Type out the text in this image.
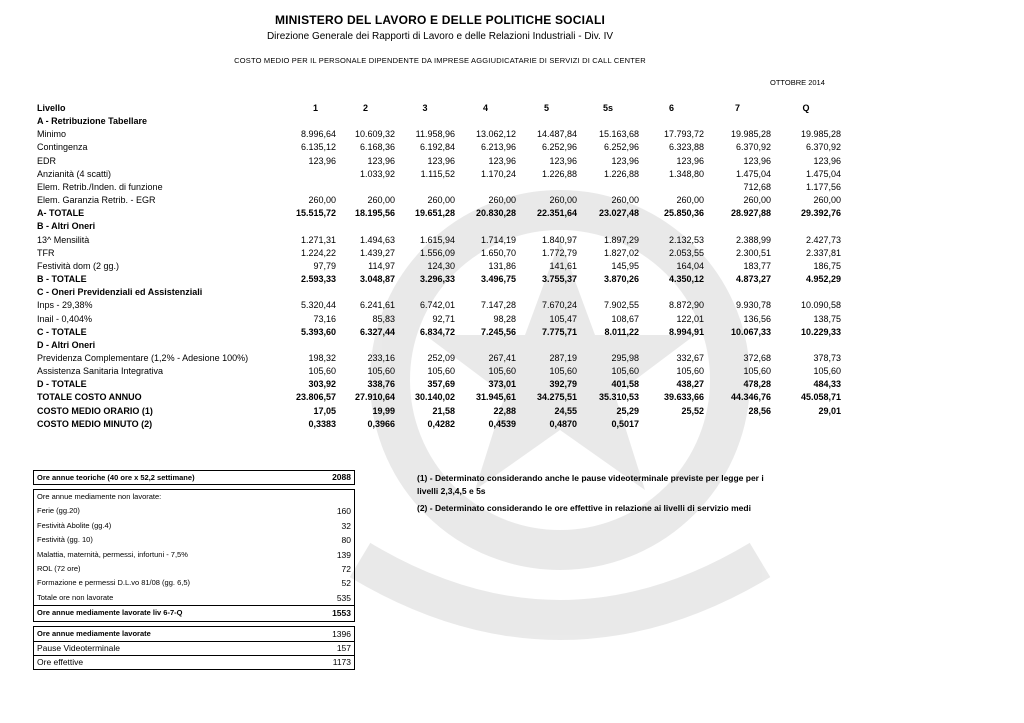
MINISTERO DEL LAVORO E DELLE POLITICHE SOCIALI
Direzione Generale dei Rapporti di Lavoro e delle Relazioni Industriali - Div. IV
COSTO MEDIO PER IL PERSONALE DIPENDENTE DA IMPRESE AGGIUDICATARIE DI SERVIZI DI CALL CENTER
OTTOBRE 2014
Livello	1	2	3	4	5	5s	6	7	Q
A - Retribuzione Tabellare									
Minimo	8.996,64	10.609,32	11.958,96	13.062,12	14.487,84	15.163,68	17.793,72	19.985,28	19.985,28
Contingenza	6.135,12	6.168,36	6.192,84	6.213,96	6.252,96	6.252,96	6.323,88	6.370,92	6.370,92
EDR	123,96	123,96	123,96	123,96	123,96	123,96	123,96	123,96	123,96
Anzianità (4 scatti)		1.033,92	1.115,52	1.170,24	1.226,88	1.226,88	1.348,80	1.475,04	1.475,04
Elem. Retrib./Inden. di funzione								712,68	1.177,56
Elem. Garanzia Retrib. - EGR	260,00	260,00	260,00	260,00	260,00	260,00	260,00	260,00	260,00
A- TOTALE	15.515,72	18.195,56	19.651,28	20.830,28	22.351,64	23.027,48	25.850,36	28.927,88	29.392,76
B - Altri Oneri									
13^ Mensilità	1.271,31	1.494,63	1.615,94	1.714,19	1.840,97	1.897,29	2.132,53	2.388,99	2.427,73
TFR	1.224,22	1.439,27	1.556,09	1.650,70	1.772,79	1.827,02	2.053,55	2.300,51	2.337,81
Festività dom (2 gg.)	97,79	114,97	124,30	131,86	141,61	145,95	164,04	183,77	186,75
B - TOTALE	2.593,33	3.048,87	3.296,33	3.496,75	3.755,37	3.870,26	4.350,12	4.873,27	4.952,29
C - Oneri Previdenziali ed Assistenziali									
Inps - 29,38%	5.320,44	6.241,61	6.742,01	7.147,28	7.670,24	7.902,55	8.872,90	9.930,78	10.090,58
Inail - 0,404%	73,16	85,83	92,71	98,28	105,47	108,67	122,01	136,56	138,75
C - TOTALE	5.393,60	6.327,44	6.834,72	7.245,56	7.775,71	8.011,22	8.994,91	10.067,33	10.229,33
D - Altri Oneri									
Previdenza Complementare (1,2% - Adesione 100%)	198,32	233,16	252,09	267,41	287,19	295,98	332,67	372,68	378,73
Assistenza Sanitaria Integrativa	105,60	105,60	105,60	105,60	105,60	105,60	105,60	105,60	105,60
D - TOTALE	303,92	338,76	357,69	373,01	392,79	401,58	438,27	478,28	484,33
TOTALE COSTO ANNUO	23.806,57	27.910,64	30.140,02	31.945,61	34.275,51	35.310,53	39.633,66	44.346,76	45.058,71
COSTO MEDIO ORARIO (1)	17,05	19,99	21,58	22,88	24,55	25,29	25,52	28,56	29,01
COSTO MEDIO MINUTO (2)	0,3383	0,3966	0,4282	0,4539	0,4870	0,5017			
Ore annue teoriche (40 ore x 52,2 settimane)	2088

Ore annue mediamente non lavorate:	
Ferie (gg.20)	160
Festività Abolite (gg.4)	32
Festività (gg. 10)	80
Malattia, maternità, permessi, infortuni - 7,5%	139
ROL (72 ore)	72
Formazione e permessi D.L.vo 81/08 (gg. 6,5)	52
Totale ore non lavorate	535
Ore annue mediamente lavorate liv 6-7-Q	1553

Ore annue mediamente lavorate	1396
Pause Videoterminale	157
Ore effettive	1173

(1) - Determinato considerando anche le pause videoterminale previste per legge per i livelli 2,3,4,5 e 5s

(2) - Determinato considerando le ore effettive in relazione ai livelli di servizio medi
